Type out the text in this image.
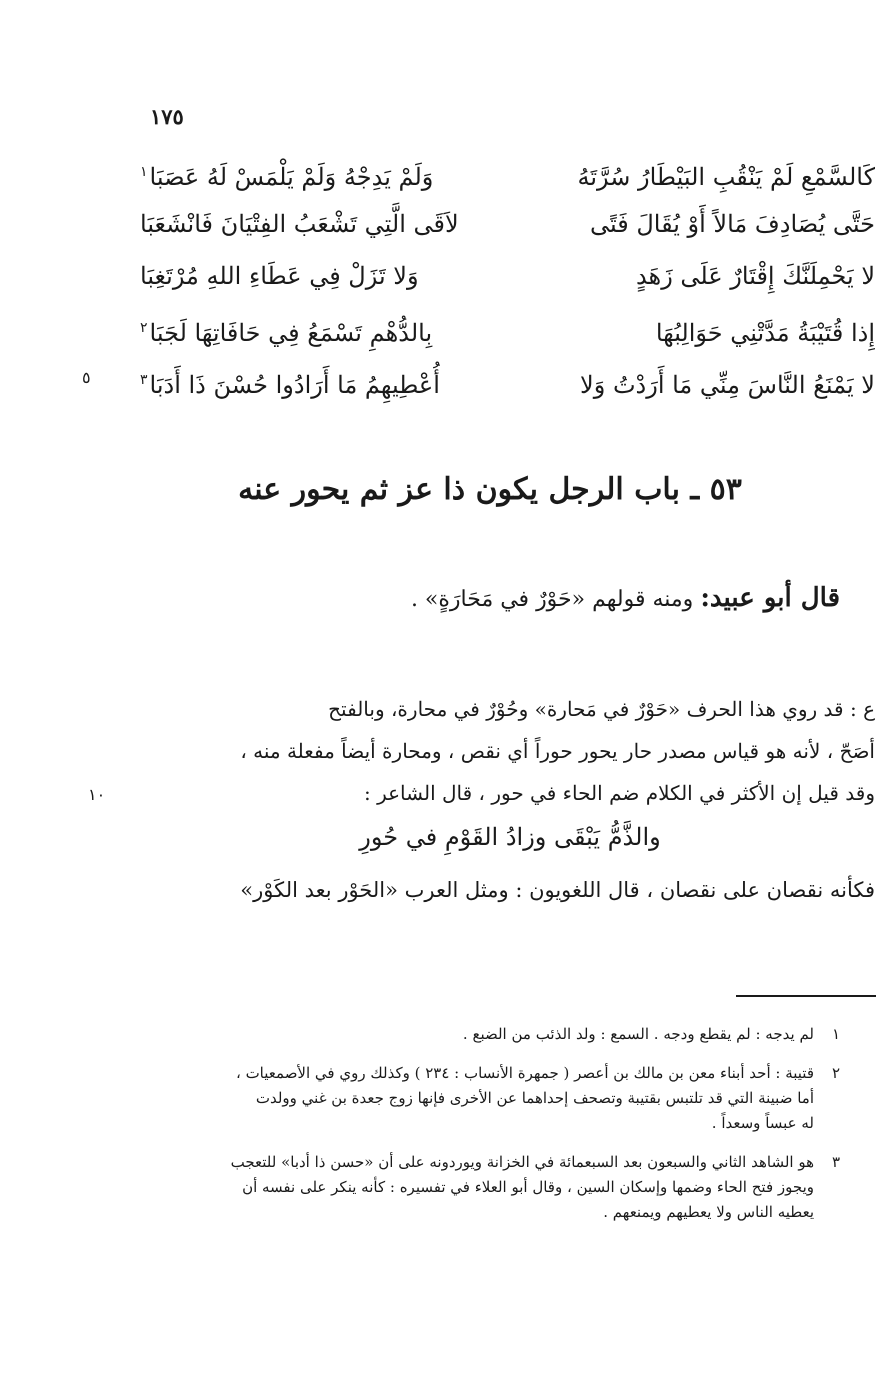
١٧٥
كَالسَّمْعِ لَمْ يَنْقُبِ البَيْطَارُ سُرَّتَهُ
وَلَمْ يَدِجْهُ وَلَمْ يَلْمَسْ لَهُ عَصَبَا$^١$
حَتَّى يُصَادِفَ مَالاً أَوْ يُقَالَ فَتًى
لاَقَى الَّتِي تَشْعَبُ الفِتْيَانَ فَانْشَعَبَا
لا يَحْمِلَنَّكَ إِقْتَارٌ عَلَى زَهَدٍ
وَلا تَزَلْ فِي عَطَاءِ اللهِ مُرْتَغِبَا
إِذا قُتَيْبَةُ مَدَّتْنِي حَوَالِبُهَا
بِالدُّهْمِ تَسْمَعُ فِي حَافَاتِهَا لَجَبَا$^٢$
لا يَمْنَعُ النَّاسَ مِنِّي مَا أَرَدْتُ وَلا
أُعْطِيهِمُ مَا أَرَادُوا حُسْنَ ذَا أَدَبَا$^٣$
٥
٥٣ ـ باب الرجل يكون ذا عز ثم يحور عنه
قال أبو عبيد: ومنه قولهم «حَوْرٌ في مَحَارَةٍ» .
ع : قد روي هذا الحرف «حَوْرٌ في مَحارة» وحُوْرٌ في محارة، وبالفتح
أصَحّ ، لأنه هو قياس مصدر حار يحور حوراً أي نقص ، ومحارة أيضاً مفعلة منه ،
وقد قيل إن الأكثر في الكلام ضم الحاء في حور ، قال الشاعر :
١٠
والذَّمُّ يَبْقَى وزادُ القَوْمِ في حُورِ
فكأنه نقصان على نقصان ، قال اللغويون : ومثل العرب «الحَوْر بعد الكَوْر»
١
لم يدجه : لم يقطع ودجه . السمع : ولد الذئب من الضبع .
٢
قتيبة : أحد أبناء معن بن مالك بن أعصر ( جمهرة الأنساب : ٢٣٤ ) وكذلك روي في الأصمعيات ،
أما ضبينة التي قد تلتبس بقتيبة وتصحف إحداهما عن الأخرى فإنها زوج جعدة بن غني وولدت
له عبساً وسعداً .
٣
هو الشاهد الثاني والسبعون بعد السبعمائة في الخزانة ويوردونه على أن «حسن ذا أدبا» للتعجب
ويجوز فتح الحاء وضمها وإسكان السين ، وقال أبو العلاء في تفسيره : كأنه ينكر على نفسه أن
يعطيه الناس ولا يعطيهم ويمنعهم .
